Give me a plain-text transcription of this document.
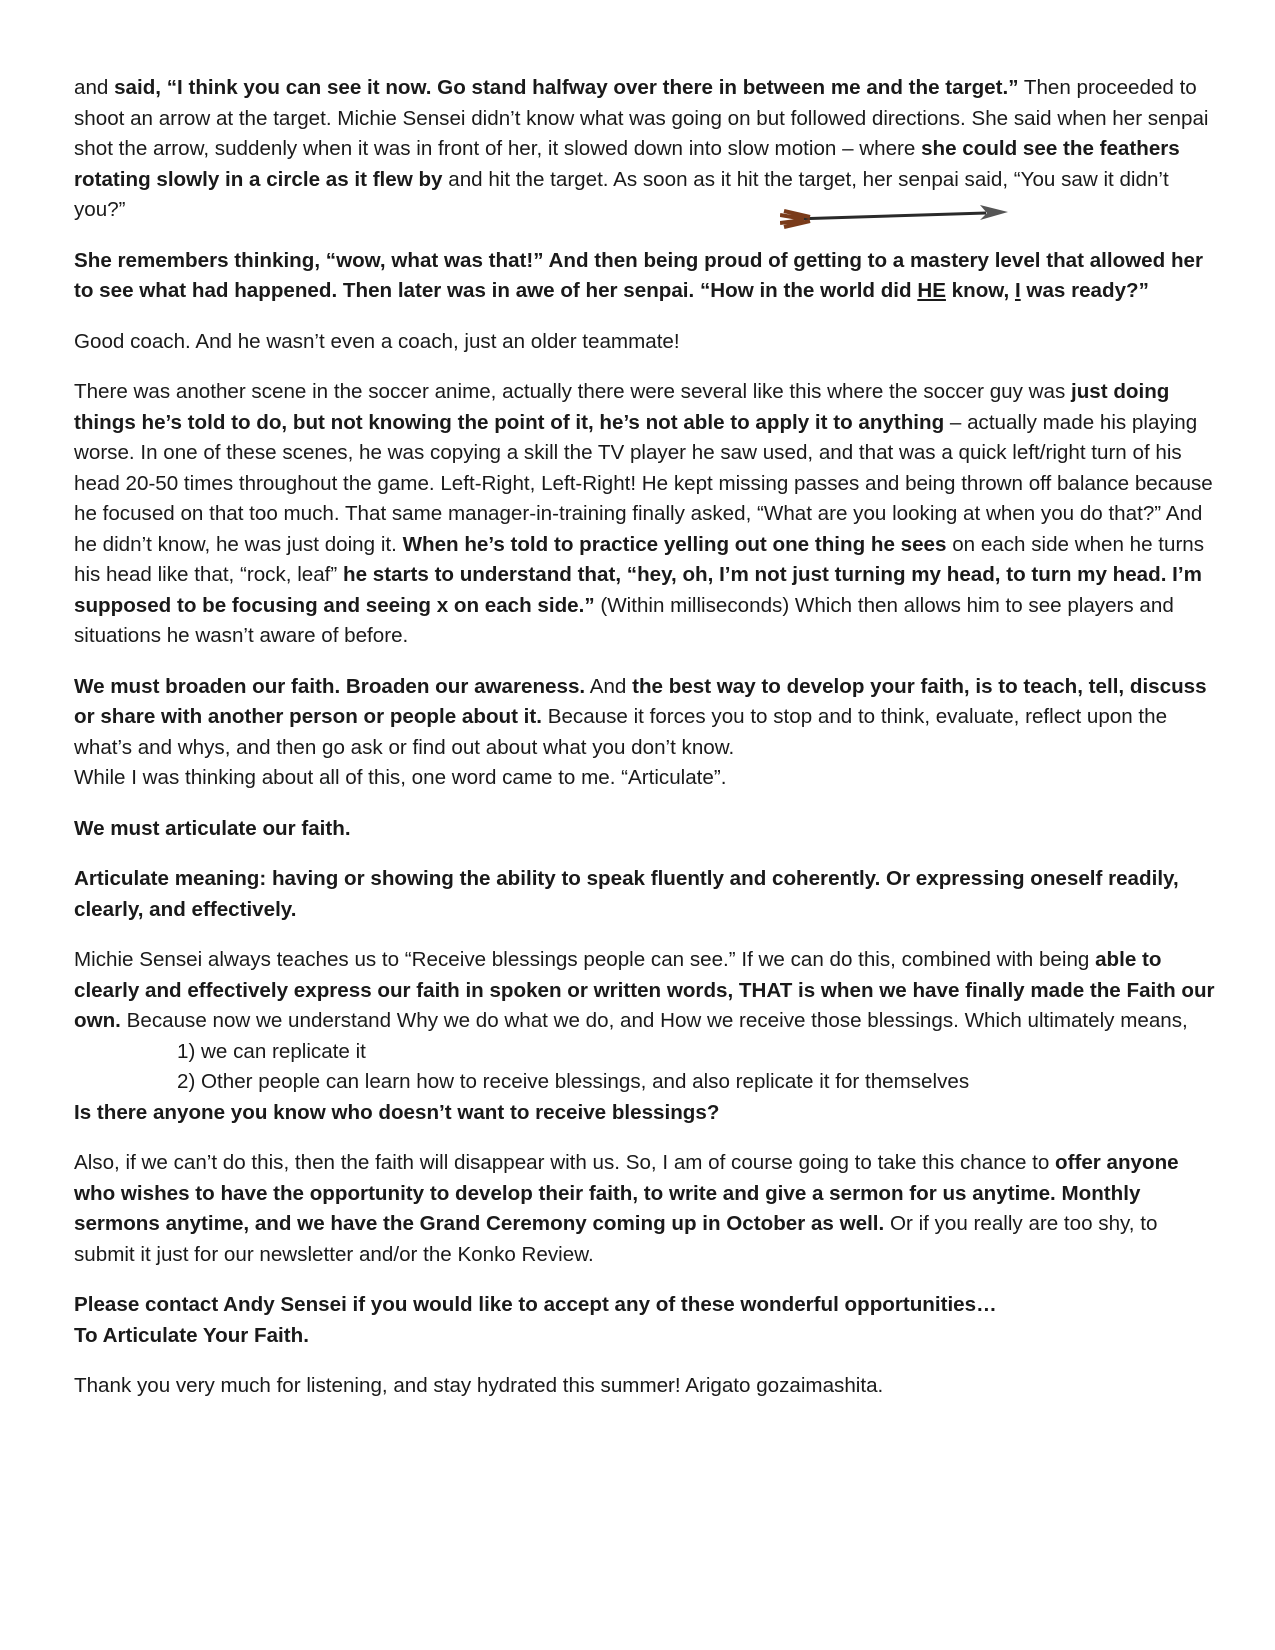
and said, “I think you can see it now. Go stand halfway over there in between me and the target.” Then proceeded to shoot an arrow at the target. Michie Sensei didn’t know what was going on but followed directions. She said when her senpai shot the arrow, suddenly when it was in front of her, it slowed down into slow motion – where she could see the feathers rotating slowly in a circle as it flew by and hit the target. As soon as it hit the target, her senpai said, “You saw it didn’t you?”

She remembers thinking, “wow, what was that!” And then being proud of getting to a mastery level that allowed her to see what had happened. Then later was in awe of her senpai. “How in the world did HE know, I was ready?”

Good coach. And he wasn’t even a coach, just an older teammate!

There was another scene in the soccer anime, actually there were several like this where the soccer guy was just doing things he’s told to do, but not knowing the point of it, he’s not able to apply it to anything – actually made his playing worse. In one of these scenes, he was copying a skill the TV player he saw used, and that was a quick left/right turn of his head 20-50 times throughout the game. Left-Right, Left-Right! He kept missing passes and being thrown off balance because he focused on that too much. That same manager-in-training finally asked, “What are you looking at when you do that?” And he didn’t know, he was just doing it. When he’s told to practice yelling out one thing he sees on each side when he turns his head like that, “rock, leaf” he starts to understand that, “hey, oh, I’m not just turning my head, to turn my head. I’m supposed to be focusing and seeing x on each side.” (Within milliseconds) Which then allows him to see players and situations he wasn’t aware of before.

We must broaden our faith. Broaden our awareness. And the best way to develop your faith, is to teach, tell, discuss or share with another person or people about it. Because it forces you to stop and to think, evaluate, reflect upon the what’s and whys, and then go ask or find out about what you don’t know.
While I was thinking about all of this, one word came to me. “Articulate”.

We must articulate our faith.

Articulate meaning: having or showing the ability to speak fluently and coherently. Or expressing oneself readily, clearly, and effectively.

Michie Sensei always teaches us to “Receive blessings people can see.” If we can do this, combined with being able to clearly and effectively express our faith in spoken or written words, THAT is when we have finally made the Faith our own. Because now we understand Why we do what we do, and How we receive those blessings. Which ultimately means,

1) we can replicate it
2) Other people can learn how to receive blessings, and also replicate it for themselves

Is there anyone you know who doesn’t want to receive blessings?

Also, if we can’t do this, then the faith will disappear with us. So, I am of course going to take this chance to offer anyone who wishes to have the opportunity to develop their faith, to write and give a sermon for us anytime. Monthly sermons anytime, and we have the Grand Ceremony coming up in October as well. Or if you really are too shy, to submit it just for our newsletter and/or the Konko Review.

Please contact Andy Sensei if you would like to accept any of these wonderful opportunities…
To Articulate Your Faith.

Thank you very much for listening, and stay hydrated this summer! Arigato gozaimashita.
